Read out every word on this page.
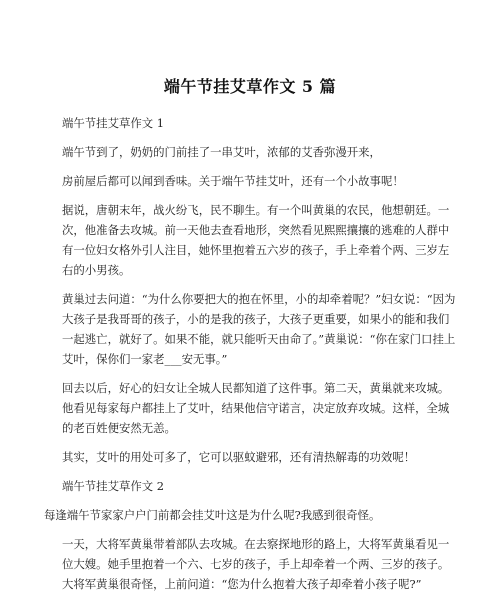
端午节挂艾草作文 5 篇

端午节挂艾草作文 1

端午节到了，奶奶的门前挂了一串艾叶，浓郁的艾香弥漫开来，

房前屋后都可以闻到香味。关于端午节挂艾叶，还有一个小故事呢！

据说，唐朝末年，战火纷飞，民不聊生。有一个叫黄巢的农民，他想朝廷。一次，他准备去攻城。前一天他去查看地形，突然看见熙熙攘攘的逃难的人群中有一位妇女格外引人注目，她怀里抱着五六岁的孩子，手上牵着个两、三岁左右的小男孩。

黄巢过去问道：“为什么你要把大的抱在怀里，小的却牵着呢？”妇女说：“因为大孩子是我哥哥的孩子，小的是我的孩子，大孩子更重要，如果小的能和我们一起逃亡，就好了。如果不能，就只能听天由命了。”黄巢说：“你在家门口挂上艾叶，保你们一家老___安无事。”

回去以后，好心的妇女让全城人民都知道了这件事。第二天，黄巢就来攻城。他看见每家每户都挂上了艾叶，结果他信守诺言，决定放弃攻城。这样，全城的老百姓便安然无恙。

其实，艾叶的用处可多了，它可以驱蚊避邪，还有清热解毒的功效呢！

端午节挂艾草作文 2

每逢端午节家家户户门前都会挂艾叶这是为什么呢?我感到很奇怪。

一天，大将军黄巢带着部队去攻城。在去察探地形的路上，大将军黄巢看见一位大嫂。她手里抱着一个六、七岁的孩子，手上却牵着一个两、三岁的孩子。大将军黄巢很奇怪，上前问道：“您为什么抱着大孩子却牵着小孩子呢?”
